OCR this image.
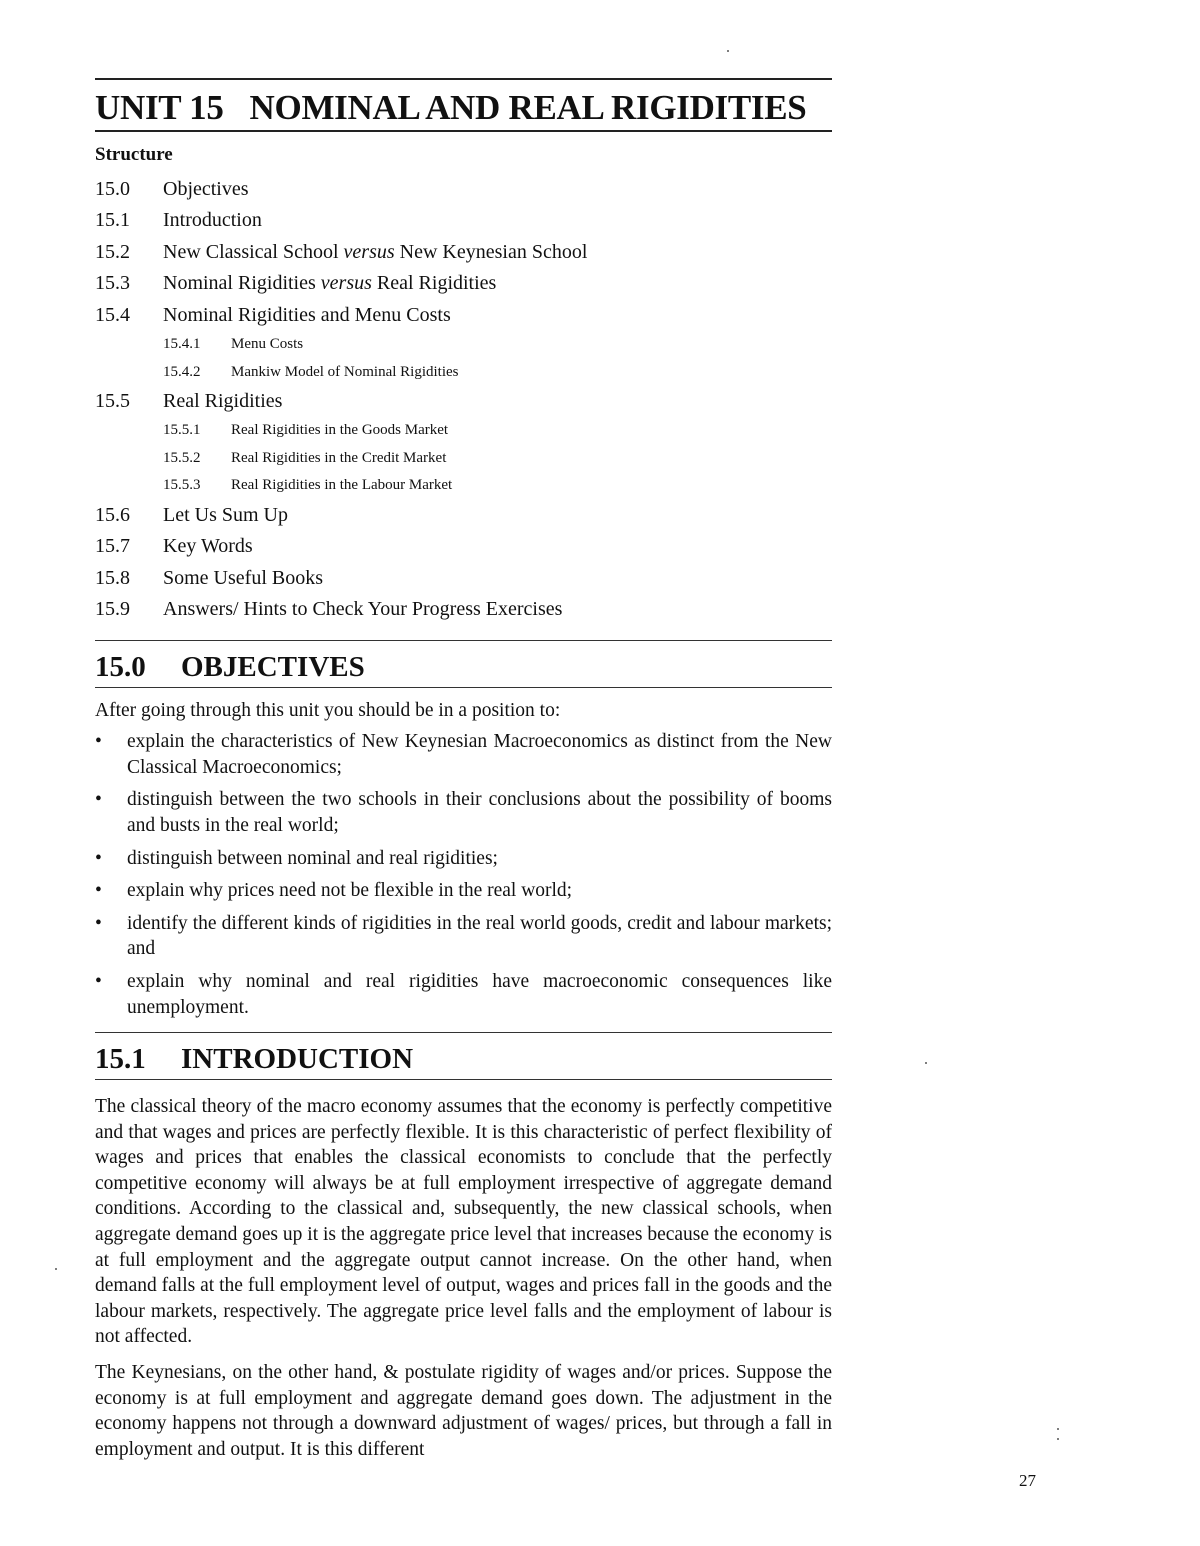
UNIT 15 NOMINAL AND REAL RIGIDITIES
Structure
15.0 Objectives
15.1 Introduction
15.2 New Classical School versus New Keynesian School
15.3 Nominal Rigidities versus Real Rigidities
15.4 Nominal Rigidities and Menu Costs
15.4.1 Menu Costs
15.4.2 Mankiw Model of Nominal Rigidities
15.5 Real Rigidities
15.5.1 Real Rigidities in the Goods Market
15.5.2 Real Rigidities in the Credit Market
15.5.3 Real Rigidities in the Labour Market
15.6 Let Us Sum Up
15.7 Key Words
15.8 Some Useful Books
15.9 Answers/ Hints to Check Your Progress Exercises
15.0 OBJECTIVES

After going through this unit you should be in a position to:

• explain the characteristics of New Keynesian Macroeconomics as distinct from the New Classical Macroeconomics;
• distinguish between the two schools in their conclusions about the possibility of booms and busts in the real world;
• distinguish between nominal and real rigidities;
• explain why prices need not be flexible in the real world;
• identify the different kinds of rigidities in the real world goods, credit and labour markets; and
• explain why nominal and real rigidities have macroeconomic consequences like unemployment.
15.1 INTRODUCTION

The classical theory of the macro economy assumes that the economy is perfectly competitive and that wages and prices are perfectly flexible. It is this characteristic of perfect flexibility of wages and prices that enables the classical economists to conclude that the perfectly competitive economy will always be at full employment irrespective of aggregate demand conditions. According to the classical and, subsequently, the new classical schools, when aggregate demand goes up it is the aggregate price level that increases because the economy is at full employment and the aggregate output cannot increase. On the other hand, when demand falls at the full employment level of output, wages and prices fall in the goods and the labour markets, respectively. The aggregate price level falls and the employment of labour is not affected.

The Keynesians, on the other hand, & postulate rigidity of wages and/or prices. Suppose the economy is at full employment and aggregate demand goes down. The adjustment in the economy happens not through a downward adjustment of wages/ prices, but through a fall in employment and output. It is this different

27
